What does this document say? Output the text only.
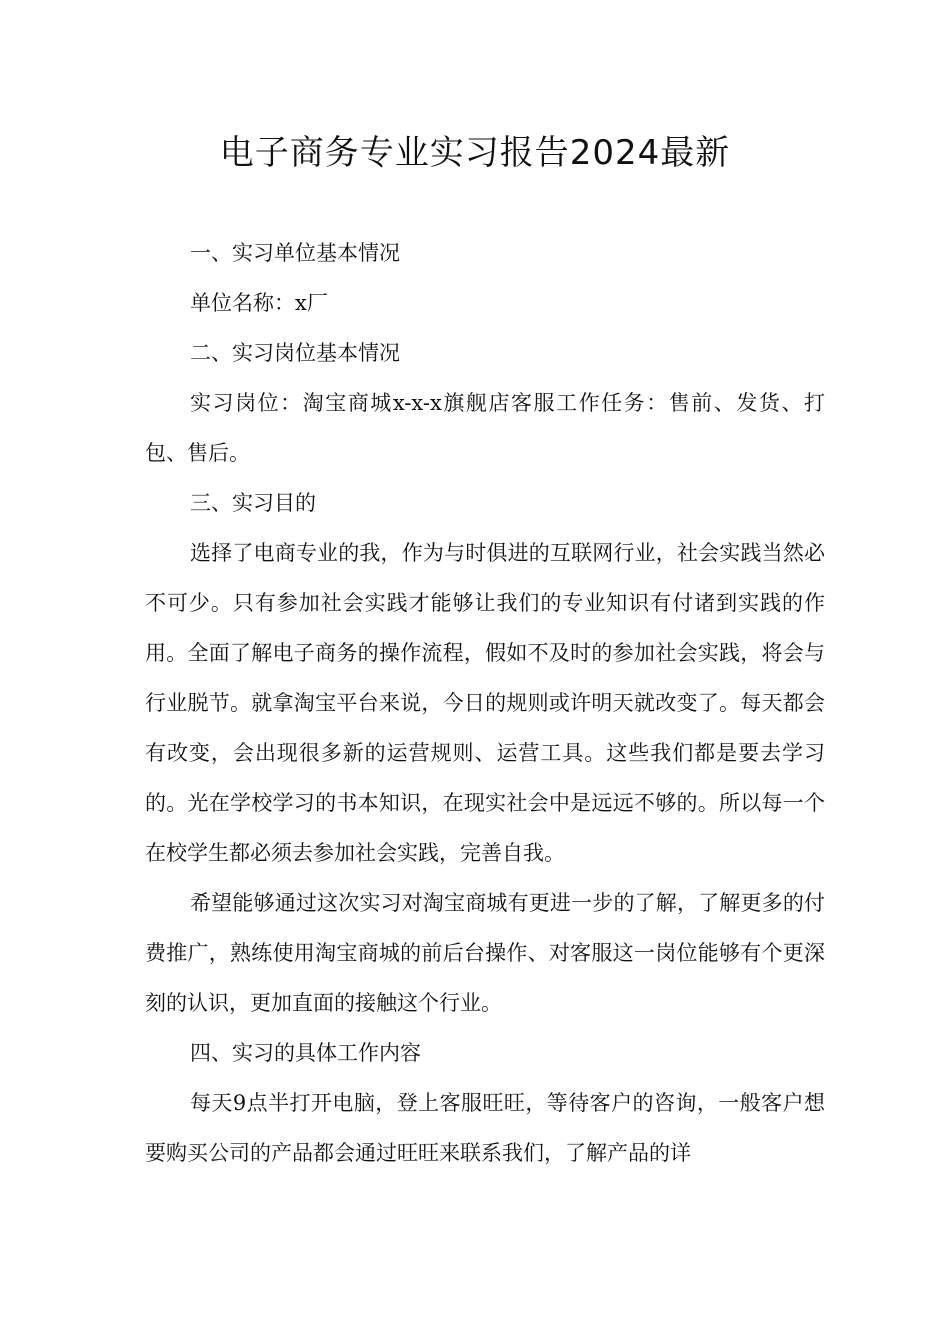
电子商务专业实习报告2024最新

一、实习单位基本情况

单位名称：x厂

二、实习岗位基本情况

实习岗位：淘宝商城x-x-x旗舰店客服工作任务：售前、发货、打包、售后。

三、实习目的

选择了电商专业的我，作为与时俱进的互联网行业，社会实践当然必不可少。只有参加社会实践才能够让我们的专业知识有付诸到实践的作用。全面了解电子商务的操作流程，假如不及时的参加社会实践，将会与行业脱节。就拿淘宝平台来说，今日的规则或许明天就改变了。每天都会有改变，会出现很多新的运营规则、运营工具。这些我们都是要去学习的。光在学校学习的书本知识，在现实社会中是远远不够的。所以每一个在校学生都必须去参加社会实践，完善自我。

希望能够通过这次实习对淘宝商城有更进一步的了解，了解更多的付费推广，熟练使用淘宝商城的前后台操作、对客服这一岗位能够有个更深刻的认识，更加直面的接触这个行业。

四、实习的具体工作内容

每天9点半打开电脑，登上客服旺旺，等待客户的咨询，一般客户想要购买公司的产品都会通过旺旺来联系我们，了解产品的详
